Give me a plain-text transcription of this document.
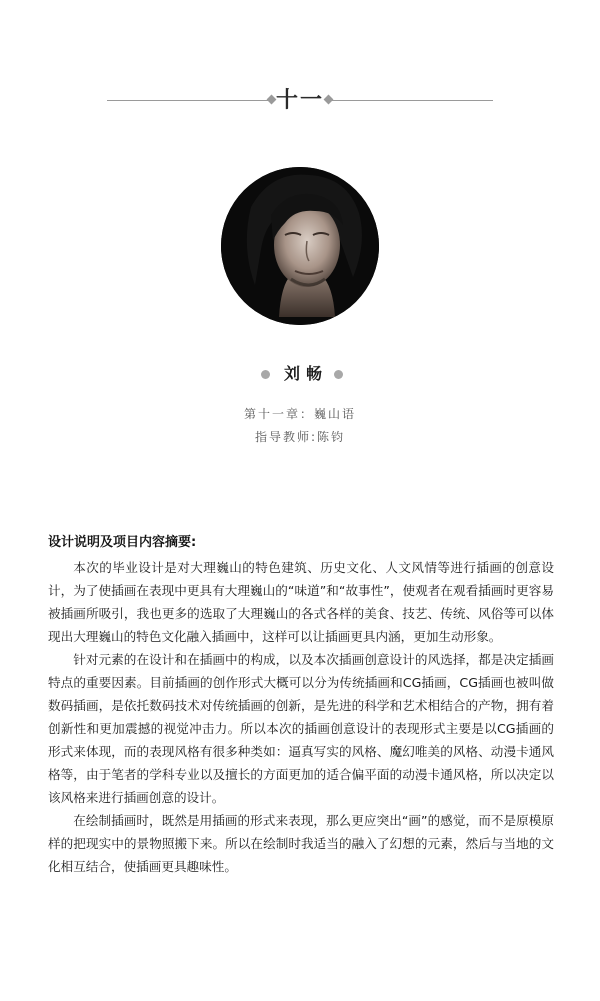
十一
刘畅
第十一章：巍山语
指导教师:陈钧
设计说明及项目内容摘要:

本次的毕业设计是对大理巍山的特色建筑、历史文化、人文风情等进行插画的创意设计，为了使插画在表现中更具有大理巍山的“味道”和“故事性”，使观者在观看插画时更容易被插画所吸引，我也更多的选取了大理巍山的各式各样的美食、技艺、传统、风俗等可以体现出大理巍山的特色文化融入插画中，这样可以让插画更具内涵，更加生动形象。

针对元素的在设计和在插画中的构成，以及本次插画创意设计的风选择，都是决定插画特点的重要因素。目前插画的创作形式大概可以分为传统插画和CG插画，CG插画也被叫做数码插画，是依托数码技术对传统插画的创新，是先进的科学和艺术相结合的产物，拥有着创新性和更加震撼的视觉冲击力。所以本次的插画创意设计的表现形式主要是以CG插画的形式来体现，而的表现风格有很多种类如：逼真写实的风格、魔幻唯美的风格、动漫卡通风格等，由于笔者的学科专业以及擅长的方面更加的适合偏平面的动漫卡通风格，所以决定以该风格来进行插画创意的设计。

在绘制插画时，既然是用插画的形式来表现，那么更应突出“画”的感觉，而不是原模原样的把现实中的景物照搬下来。所以在绘制时我适当的融入了幻想的元素，然后与当地的文化相互结合，使插画更具趣味性。
